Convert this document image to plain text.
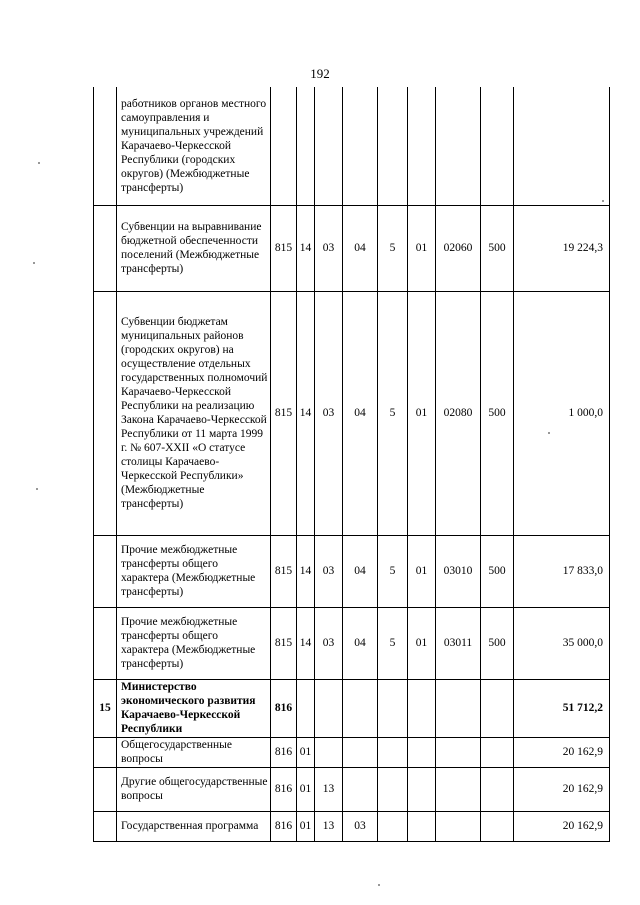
192
	работников органов местного самоуправления и муниципальных учреждений Карачаево-Черкесской Республики (городских округов) (Межбюджетные трансферты)									
	Субвенции на выравнивание бюджетной обеспеченности поселений (Межбюджетные трансферты)	815	14	03	04	5	01	02060	500	19 224,3
	Субвенции бюджетам муниципальных районов (городских округов) на осуществление отдельных государственных полномочий Карачаево-Черкесской Республики на реализацию Закона Карачаево-Черкесской Республики от 11 марта 1999 г. № 607-XXII «О статусе столицы Карачаево-Черкесской Республики» (Межбюджетные трансферты)	815	14	03	04	5	01	02080	500	1 000,0
	Прочие межбюджетные трансферты общего характера (Межбюджетные трансферты)	815	14	03	04	5	01	03010	500	17 833,0
	Прочие межбюджетные трансферты общего характера (Межбюджетные трансферты)	815	14	03	04	5	01	03011	500	35 000,0
15	Министерство экономического развития Карачаево-Черкесской Республики	816								51 712,2
	Общегосударственные вопросы	816	01							20 162,9
	Другие общегосударственные вопросы	816	01	13						20 162,9
	Государственная программа	816	01	13	03					20 162,9
